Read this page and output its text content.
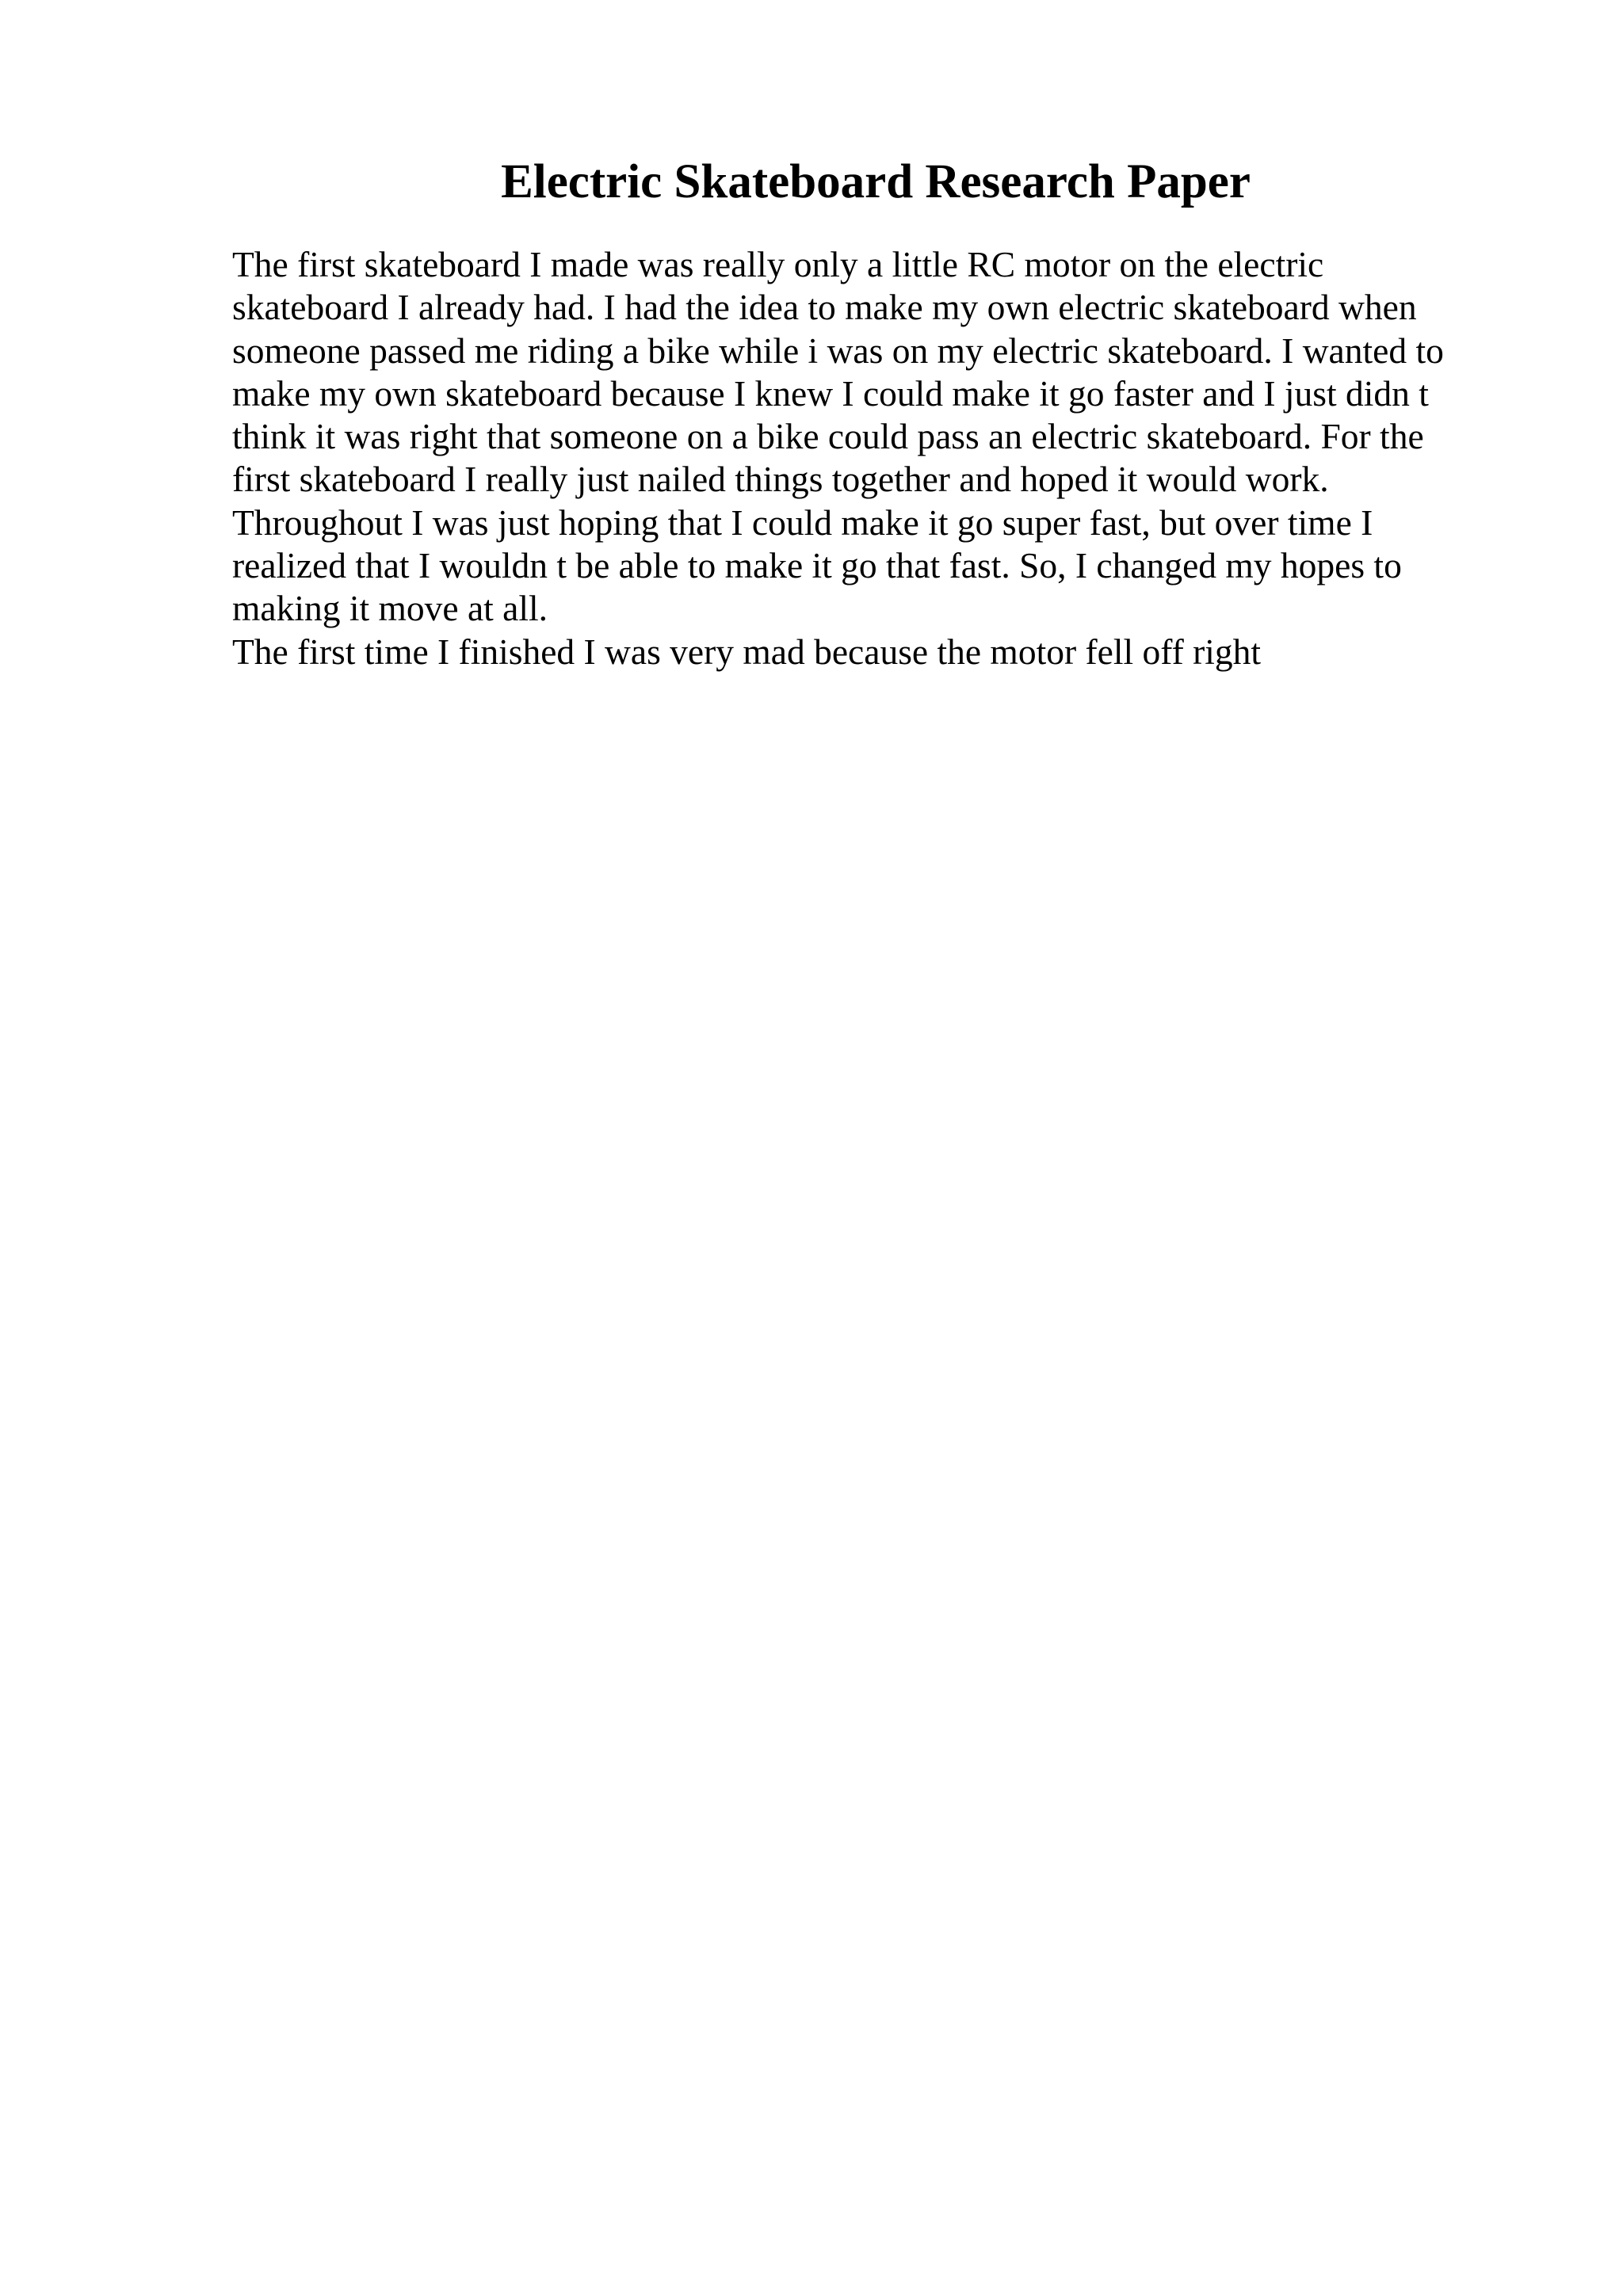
Electric Skateboard Research Paper
The first skateboard I made was really only a little RC motor on the electric
skateboard I already had. I had the idea to make my own electric skateboard when
someone passed me riding a bike while i was on my electric skateboard. I wanted to
make my own skateboard because I knew I could make it go faster and I just didn t
think it was right that someone on a bike could pass an electric skateboard. For the
first skateboard I really just nailed things together and hoped it would work.
Throughout I was just hoping that I could make it go super fast, but over time I
realized that I wouldn t be able to make it go that fast. So, I changed my hopes to
making it move at all.
The first time I finished I was very mad because the motor fell off right
